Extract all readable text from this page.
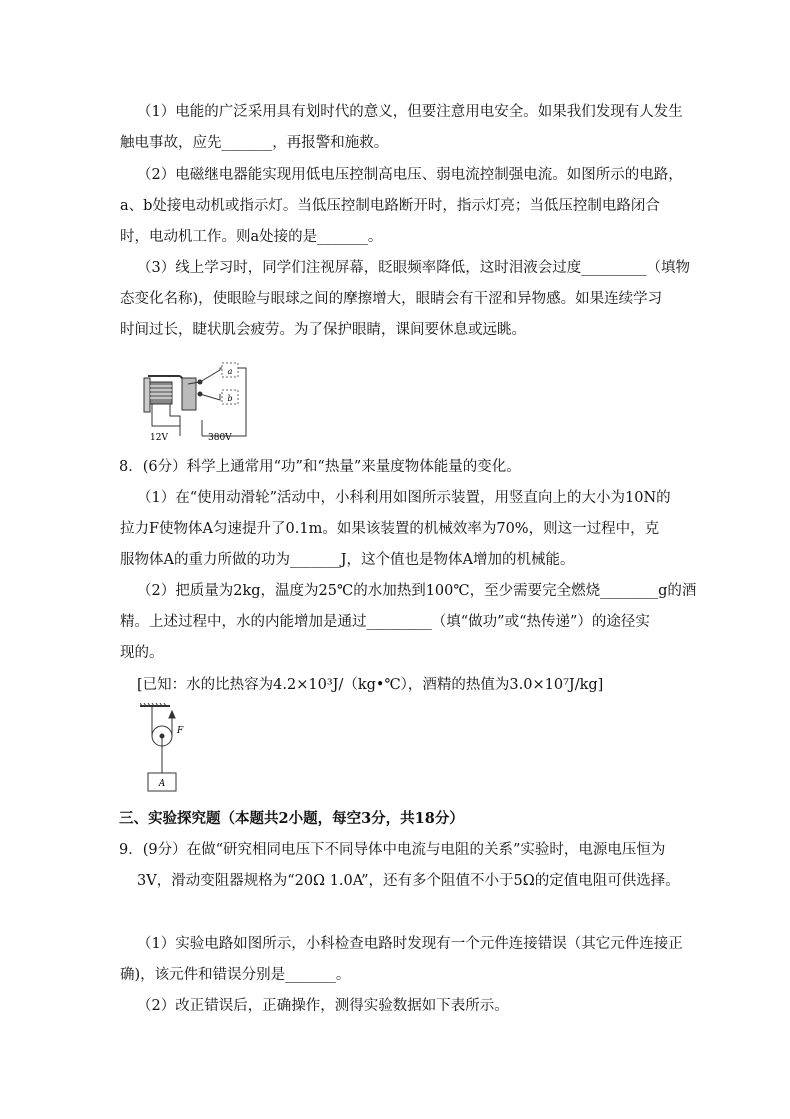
（1）电能的广泛采用具有划时代的意义，但要注意用电安全。如果我们发现有人发生
触电事故，应先_______，再报警和施救。
（2）电磁继电器能实现用低电压控制高电压、弱电流控制强电流。如图所示的电路，
a、b处接电动机或指示灯。当低压控制电路断开时，指示灯亮；当低压控制电路闭合
时，电动机工作。则a处接的是_______。
（3）线上学习时，同学们注视屏幕，眨眼频率降低，这时泪液会过度_________（填物
态变化名称)，使眼睑与眼球之间的摩擦增大，眼睛会有干涩和异物感。如果连续学习
时间过长，睫状肌会疲劳。为了保护眼睛，课间要休息或远眺。
a
b
12V	380V
8．(6分）科学上通常用“功”和“热量”来量度物体能量的变化。
（1）在“使用动滑轮”活动中，小科利用如图所示装置，用竖直向上的大小为10N的
拉力F使物体A匀速提升了0.1m。如果该装置的机械效率为70%，则这一过程中，克
服物体A的重力所做的功为_______J，这个值也是物体A增加的机械能。
（2）把质量为2kg，温度为25℃的水加热到100℃，至少需要完全燃烧________g的酒
精。上述过程中，水的内能增加是通过_________（填“做功”或“热传递”）的途径实
现的。
[已知：水的比热容为4.2×10³J/（kg•℃），酒精的热值为3.0×10⁷J/kg]
F
A
三、实验探究题（本题共2小题，每空3分，共18分）
9．(9分）在做“研究相同电压下不同导体中电流与电阻的关系”实验时，电源电压恒为
3V，滑动变阻器规格为“20Ω 1.0A”，还有多个阻值不小于5Ω的定值电阻可供选择。
（1）实验电路如图所示，小科检查电路时发现有一个元件连接错误（其它元件连接正
确)，该元件和错误分别是_______。
（2）改正错误后，正确操作，测得实验数据如下表所示。
